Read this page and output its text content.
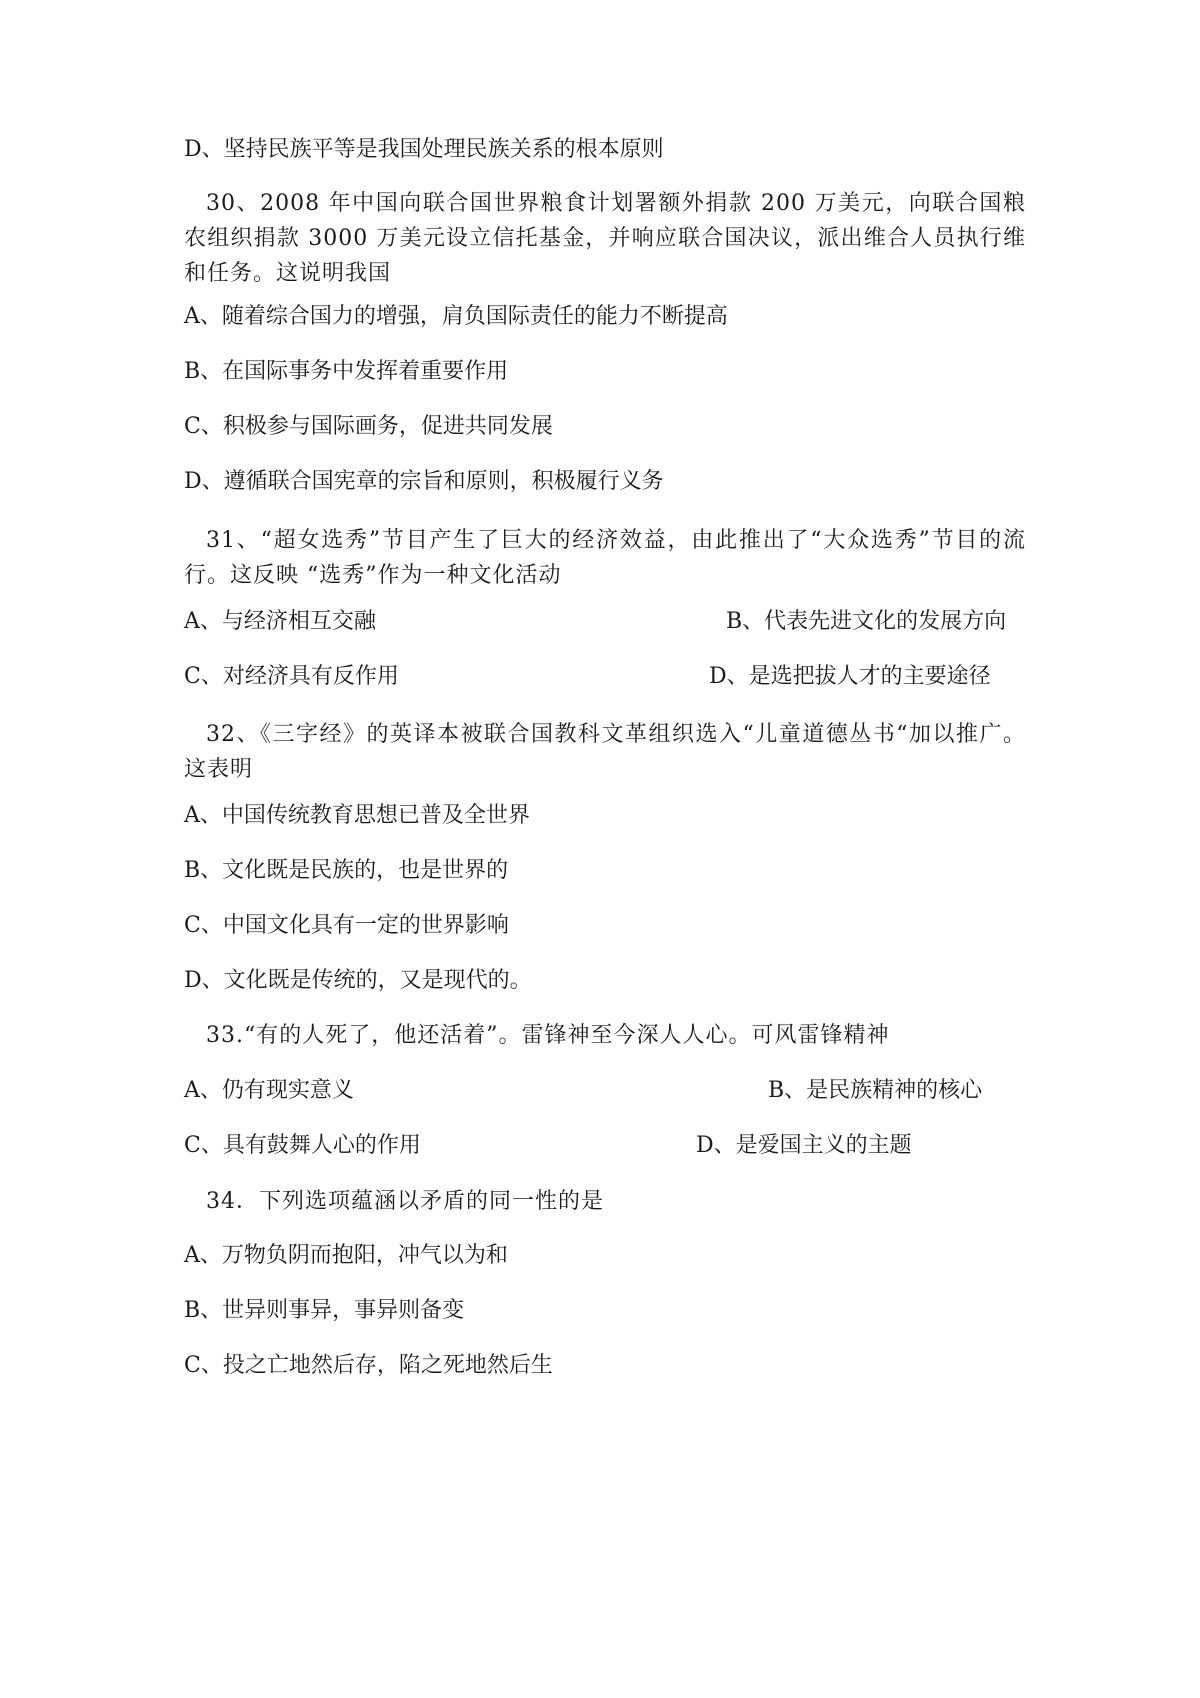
D、坚持民族平等是我国处理民族关系的根本原则
30、2008 年中国向联合国世界粮食计划署额外捐款 200 万美元，向联合国粮农组织捐款 3000 万美元设立信托基金，并响应联合国决议，派出维合人员执行维和任务。这说明我国
A、随着综合国力的增强，肩负国际责任的能力不断提高
B、在国际事务中发挥着重要作用
C、积极参与国际画务，促进共同发展
D、遵循联合国宪章的宗旨和原则，积极履行义务
31、“超女选秀”节目产生了巨大的经济效益，由此推出了“大众选秀”节目的流行。这反映 “选秀”作为一种文化活动
A、与经济相互交融	B、代表先进文化的发展方向
C、对经济具有反作用	D、是选把拔人才的主要途径
32、《三字经》的英译本被联合国教科文革组织选入“儿童道德丛书“加以推广。这表明
A、中国传统教育思想已普及全世界
B、文化既是民族的，也是世界的
C、中国文化具有一定的世界影响
D、文化既是传统的，又是现代的。
33.“有的人死了，他还活着”。雷锋神至今深人人心。可风雷锋精神
A、仍有现实意义	B、是民族精神的核心
C、具有鼓舞人心的作用	D、是爱国主义的主题
34．下列选项蕴涵以矛盾的同一性的是
A、万物负阴而抱阳，冲气以为和
B、世异则事异，事异则备变
C、投之亡地然后存，陷之死地然后生
